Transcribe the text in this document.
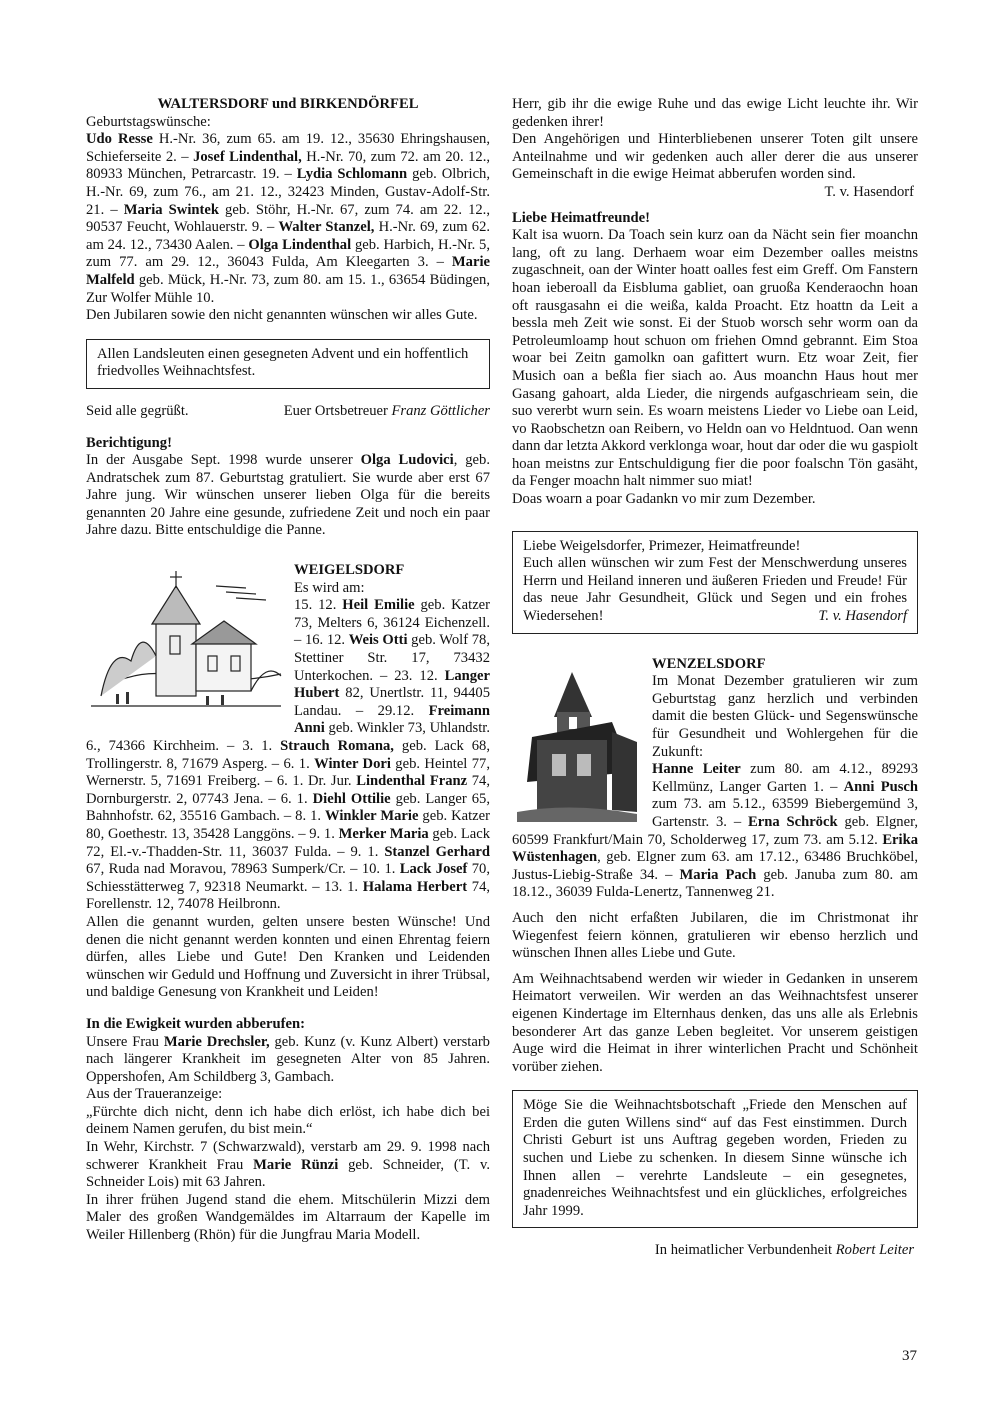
WALTERSDORF und BIRKENDÖRFEL

Geburtstagswünsche:

Udo Resse H.-Nr. 36, zum 65. am 19. 12., 35630 Ehringshausen, Schieferseite 2. – Josef Lindenthal, H.-Nr. 70, zum 72. am 20. 12., 80933 München, Petrarcastr. 19. – Lydia Schlomann geb. Olbrich, H.-Nr. 69, zum 76., am 21. 12., 32423 Minden, Gustav-Adolf-Str. 21. – Maria Swintek geb. Stöhr, H.-Nr. 67, zum 74. am 22. 12., 90537 Feucht, Wohlauerstr. 9. – Walter Stanzel, H.-Nr. 69, zum 62. am 24. 12., 73430 Aalen. – Olga Lindenthal geb. Harbich, H.-Nr. 5, zum 77. am 29. 12., 36043 Fulda, Am Kleegarten 3. – Marie Malfeld geb. Mück, H.-Nr. 73, zum 80. am 15. 1., 63654 Büdingen, Zur Wolfer Mühle 10.

Den Jubilaren sowie den nicht genannten wünschen wir alles Gute.

Allen Landsleuten einen gesegneten Advent und ein hoffentlich friedvolles Weihnachtsfest.

Seid alle gegrüßt.	Euer Ortsbetreuer Franz Göttlicher

Berichtigung!

In der Ausgabe Sept. 1998 wurde unserer Olga Ludovici, geb. Andratschek zum 87. Geburtstag gratuliert. Sie wurde aber erst 67 Jahre jung. Wir wünschen unserer lieben Olga für die bereits genannten 20 Jahre eine gesunde, zufriedene Zeit und noch ein paar Jahre dazu. Bitte entschuldige die Panne.

WEIGELSDORF

Es wird am:

15. 12. Heil Emilie geb. Katzer 73, Melters 6, 36124 Eichenzell. – 16. 12. Weis Otti geb. Wolf 78, Stettiner Str. 17, 73432 Unterkochen. – 23. 12. Langer Hubert 82, Unertlstr. 11, 94405 Landau. – 29.12. Freimann Anni geb. Winkler 73, Uhlandstr. 6., 74366 Kirchheim. – 3. 1. Strauch Romana, geb. Lack 68, Trollingerstr. 8, 71679 Asperg. – 6. 1. Winter Dori geb. Heintel 77, Wernerstr. 5, 71691 Freiberg. – 6. 1. Dr. Jur. Lindenthal Franz 74, Dornburgerstr. 2, 07743 Jena. – 6. 1. Diehl Ottilie geb. Langer 65, Bahnhofstr. 62, 35516 Gambach. – 8. 1. Winkler Marie geb. Katzer 80, Goethestr. 13, 35428 Langgöns. – 9. 1. Merker Maria geb. Lack 72, El.-v.-Thadden-Str. 11, 36037 Fulda. – 9. 1. Stanzel Gerhard 67, Ruda nad Moravou, 78963 Sumperk/Cr. – 10. 1. Lack Josef 70, Schiesstätterweg 7, 92318 Neumarkt. – 13. 1. Halama Herbert 74, Forellenstr. 12, 74078 Heilbronn.

Allen die genannt wurden, gelten unsere besten Wünsche! Und denen die nicht genannt werden konnten und einen Ehrentag feiern dürfen, alles Liebe und Gute! Den Kranken und Leidenden wünschen wir Geduld und Hoffnung und Zuversicht in ihrer Trübsal, und baldige Genesung von Krankheit und Leiden!

In die Ewigkeit wurden abberufen:

Unsere Frau Marie Drechsler, geb. Kunz (v. Kunz Albert) verstarb nach längerer Krankheit im gesegneten Alter von 85 Jahren. Oppershofen, Am Schildberg 3, Gambach.

Aus der Traueranzeige:

„Fürchte dich nicht, denn ich habe dich erlöst, ich habe dich bei deinem Namen gerufen, du bist mein.“

In Wehr, Kirchstr. 7 (Schwarzwald), verstarb am 29. 9. 1998 nach schwerer Krankheit Frau Marie Rünzi geb. Schneider, (T. v. Schneider Lois) mit 63 Jahren.

In ihrer frühen Jugend stand die ehem. Mitschülerin Mizzi dem Maler des großen Wandgemäldes im Altarraum der Kapelle im Weiler Hillenberg (Rhön) für die Jungfrau Maria Modell.

Herr, gib ihr die ewige Ruhe und das ewige Licht leuchte ihr. Wir gedenken ihrer!

Den Angehörigen und Hinterbliebenen unserer Toten gilt unsere Anteilnahme und wir gedenken auch aller derer die aus unserer Gemeinschaft in die ewige Heimat abberufen worden sind.

T. v. Hasendorf

Liebe Heimatfreunde!

Kalt isa wuorn. Da Toach sein kurz oan da Nächt sein fier moanchn lang, oft zu lang. Derhaem woar eim Dezember oalles meistns zugaschneit, oan der Winter hoatt oalles fest eim Greff. Om Fanstern hoan ieberoall da Eisbluma gabliet, oan gruoßa Kenderaochn hoan oft rausgasahn ei die weißa, kalda Proacht. Etz hoattn da Leit a bessla meh Zeit wie sonst. Ei der Stuob worsch sehr worm oan da Petroleumloamp hout schuon om friehen Omnd gebrannt. Eim Stoa woar bei Zeitn gamolkn oan gafittert wurn. Etz woar Zeit, fier Musich oan a beßla fier siach ao. Aus moanchn Haus hout mer Gasang gahoart, alda Lieder, die nirgends aufgaschrieam sein, die suo vererbt wurn sein. Es woarn meistens Lieder vo Liebe oan Leid, vo Raobschetzn oan Reibern, vo Heldn oan vo Heldntuod. Oan wenn dann dar letzta Akkord verklonga woar, hout dar oder die wu gaspiolt hoan meistns zur Entschuldigung fier die poor foalschn Tön gasäht, da Fenger moachn halt nimmer suo miat!

Doas woarn a poar Gadankn vo mir zum Dezember.

Liebe Weigelsdorfer, Primezer, Heimatfreunde!
Euch allen wünschen wir zum Fest der Menschwerdung unseres Herrn und Heiland inneren und äußeren Frieden und Freude! Für das neue Jahr Gesundheit, Glück und Segen und ein frohes Wiedersehen!	T. v. Hasendorf

WENZELSDORF

Im Monat Dezember gratulieren wir zum Geburtstag ganz herzlich und verbinden damit die besten Glück- und Segenswünsche für Gesundheit und Wohlergehen für die Zukunft:

Hanne Leiter zum 80. am 4.12., 89293 Kellmünz, Langer Garten 1. – Anni Pusch zum 73. am 5.12., 63599 Biebergemünd 3, Gartenstr. 3. – Erna Schröck geb. Elgner, 60599 Frankfurt/Main 70, Scholderweg 17, zum 73. am 5.12. Erika Wüstenhagen, geb. Elgner zum 63. am 17.12., 63486 Bruchköbel, Justus-Liebig-Straße 34. – Maria Pach geb. Januba zum 80. am 18.12., 36039 Fulda-Lenertz, Tannenweg 21.

Auch den nicht erfaßten Jubilaren, die im Christmonat ihr Wiegenfest feiern können, gratulieren wir ebenso herzlich und wünschen Ihnen alles Liebe und Gute.

Am Weihnachtsabend werden wir wieder in Gedanken in unserem Heimatort verweilen. Wir werden an das Weihnachtsfest unserer eigenen Kindertage im Elternhaus denken, das uns alle als Erlebnis besonderer Art das ganze Leben begleitet. Vor unserem geistigen Auge wird die Heimat in ihrer winterlichen Pracht und Schönheit vorüber ziehen.

Möge Sie die Weihnachtsbotschaft „Friede den Menschen auf Erden die guten Willens sind“ auf das Fest einstimmen. Durch Christi Geburt ist uns Auftrag gegeben worden, Frieden zu suchen und Liebe zu schenken. In diesem Sinne wünsche ich Ihnen allen – verehrte Landsleute – ein gesegnetes, gnadenreiches Weihnachtsfest und ein glückliches, erfolgreiches Jahr 1999.

In heimatlicher Verbundenheit Robert Leiter

37
